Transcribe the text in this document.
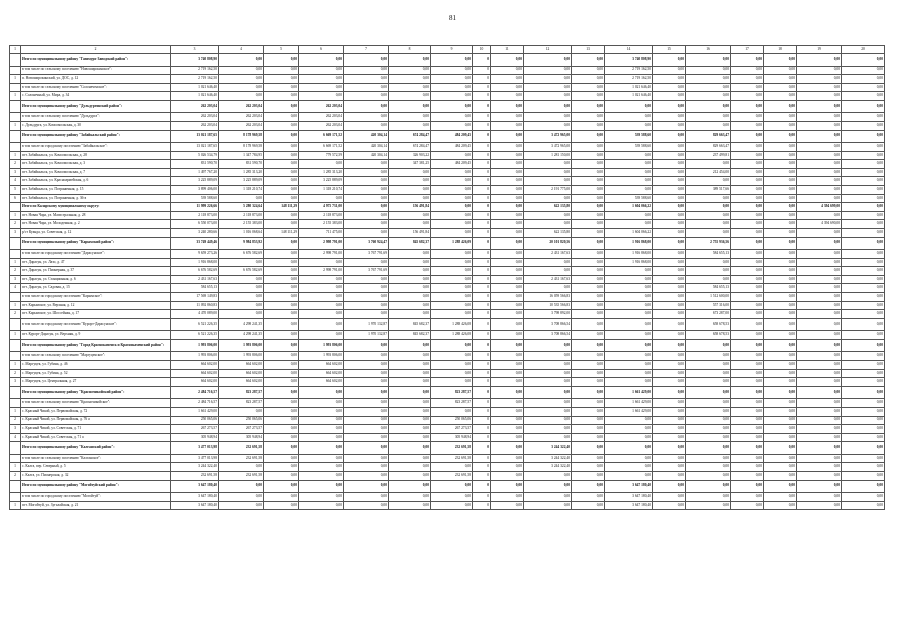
81
1	2	3	4	5	6	7	8	9	10	11	12	13	14	15	16	17	18	19	20
	Итого по муниципальному району "Газимуро-Заводский район":	3 740 808,90	0,00	0,00	0,00	0,00	0,00	0,00	0	0,00	0,00	0,00	3 740 808,90	0,00	0,00	0,00	0,00	0,00	0,00
	в том числе по сельскому поселению "Новоширокинское":	2 719 162,50	0,00	0,00	0,00	0,00	0,00	0,00	0	0,00	0,00	0,00	2 719 162,50	0,00	0,00	0,00	0,00	0,00	0,00
1	п. Новоширокинский, ул. ДОС, д. 12	2 719 162,50	0,00	0,00	0,00	0,00	0,00	0,00	0	0,00	0,00	0,00	2 719 162,50	0,00	0,00	0,00	0,00	0,00	0,00
	в том числе по сельскому поселению "Солонеченское":	1 021 646,40	0,00	0,00	0,00	0,00	0,00	0,00	0	0,00	0,00	0,00	1 021 646,40	0,00	0,00	0,00	0,00	0,00	0,00
1	с. Солонечный, ул. Мира, д. 34	1 021 646,40	0,00	0,00	0,00	0,00	0,00	0,00	0	0,00	0,00	0,00	1 021 646,40	0,00	0,00	0,00	0,00	0,00	0,00
	Итого по муниципальному району "Дульдургинский район":	262 203,04	262 203,04	0,00	262 203,04	0,00	0,00	0,00	0	0,00	0,00	0,00	0,00	0,00	0,00	0,00	0,00	0,00	0,00
	в том числе по сельскому поселению "Дульдурга":	262 203,04	262 203,04	0,00	262 203,04	0,00	0,00	0,00	0	0,00	0,00	0,00	0,00	0,00	0,00	0,00	0,00	0,00	0,00
1	с. Дульдурга, ул. Комсомольская, д. 30	262 203,04	262 203,04	0,00	262 203,04	0,00	0,00	0,00	0	0,00	0,00	0,00	0,00	0,00	0,00	0,00	0,00	0,00	0,00
	Итого по муниципальному району "Забайкальский район":	13 021 187,65	8 178 969,58	0,00	6 669 171,52	420 304,14	674 284,47	484 209,45	0	0,00	3 472 965,00	0,00	539 588,60	0,00	829 663,47	0,00	0,00	0,00	0,00
	в том числе по городскому поселению "Забайкальское":	13 021 187,65	8 178 969,58	0,00	6 669 171,52	420 304,14	674 284,47	484 209,45	0	0,00	3 472 965,00	0,00	539 588,60	0,00	829 663,47	0,00	0,00	0,00	0,00
1	пгт. Забайкальск, ул. Комсомольская, д. 28	5 026 534,79	1 347 784,95	0,00	779 572,59	420 304,14	326 903,22	0,00	0	0,00	1 281 150,00	0,00	0,00	0,00	237 499,81	0,00	0,00	0,00	0,00
2	пгт. Забайкальск, ул. Комсомольская, д. 3	831 590,70	831 590,70	0,00	0,00	0,00	347 381,25	484 209,45	0	0,00	0,00	0,00	0,00	0,00	0,00	0,00	0,00	0,00	0,00
3	пгт. Забайкальск, ул. Комсомольская, д. 7	1 497 767,20	1 285 313,20	0,00	1 285 313,20	0,00	0,00	0,00	0	0,00	0,00	0,00	0,00	0,00	212 454,00	0,00	0,00	0,00	0,00
4	пгт. Забайкальск, ул. Красноармейская, д. 6	3 225 889,09	3 225 889,09	0,00	3 225 889,09	0,00	0,00	0,00	0	0,00	0,00	0,00	0,00	0,00	0,00	0,00	0,00	0,00	0,00
5	пгт. Забайкальск, ул. Пограничная, д. 15	3 899 406,00	1 318 210,74	0,00	1 318 210,74	0,00	0,00	0,00	0	0,00	2 191 775,00	0,00	0,00	0,00	389 517,66	0,00	0,00	0,00	0,00
6	пгт. Забайкальск, ул. Пограничная, д. 36-а	539 588,60	0,00	0,00	0,00	0,00	0,00	0,00	0	0,00	0,00	0,00	539 588,60	0,00	0,00	0,00	0,00	0,00	0,00
	Итого по Каларскому муниципальному округу:	11 999 226,66	5 280 324,64	148 111,29	4 975 731,00	0,00	156 491,84	0,00	0	0,00	622 135,80	0,00	1 604 066,22	0,00	0,00	0,00	0,00	4 394 699,00	0,00
1	пгт. Новая Чара, ул. Магистральная, д. 28	2 118 873,00	2 118 873,00	0,00	2 118 873,00	0,00	0,00	0,00	0	0,00	0,00	0,00	0,00	0,00	0,00	0,00	0,00	0,00	0,00
2	пгт. Новая Чара, ул. Молодежная, д. 2	6 550 073,00	2 155 383,00	0,00	2 155 383,00	0,00	0,00	0,00	0	0,00	0,00	0,00	0,00	0,00	0,00	0,00	0,00	4 394 690,00	0,00
3	р/ст Куанда, ул. Советская, д. 12	3 240 280,66	1 016 068,64	148 111,29	711 475,00	0,00	156 491,84	0,00	0	0,00	622 135,80	0,00	1 604 066,22	0,00	0,00	0,00	0,00	0,00	0,00
	Итого по муниципальному району "Карымский район":	33 749 449,46	9 984 853,92	0,00	2 998 791,00	3 760 924,47	845 682,37	1 288 426,09	0	0,00	20 101 820,56	0,00	1 916 868,00	0,00	2 755 936,56	0,00	0,00	0,00	0,00
	в том числе по городскому поселению "Дарасунское":	9 659 273,26	6 676 582,69	0,00	2 998 791,00	3 767 791,69	0,00	0,00	0	0,00	2 431 167,63	0,00	1 916 868,00	0,00	584 655,13	0,00	0,00	0,00	0,00
1	пгт. Дарасун, ул. Лазо, д. 47	1 916 868,00	0,00	0,00	0,00	0,00	0,00	0,00	0	0,00	0,00	0,00	1 916 868,00	0,00	0,00	0,00	0,00	0,00	0,00
2	пгт. Дарасун, ул. Пионерная, д. 37	6 676 582,69	6 676 582,69	0,00	2 998 791,00	3 767 791,69	0,00	0,00	0	0,00	0,00	0,00	0,00	0,00	0,00	0,00	0,00	0,00	0,00
3	пгт. Дарасун, ул. Станционная, д. 6	2 431 167,63	0,00	0,00	0,00	0,00	0,00	0,00	0	0,00	2 431 167,63	0,00	0,00	0,00	0,00	0,00	0,00	0,00	0,00
4	пгт. Дарасун, ул. Садовая, д. 15	584 655,13	0,00	0,00	0,00	0,00	0,00	0,00	0	0,00	0,00	0,00	0,00	0,00	584 655,13	0,00	0,00	0,00	0,00
	в том числе по городскому поселению "Карымское":	17 569 149,83	0,00	0,00	0,00	0,00	0,00	0,00	0	0,00	16 059 566,83	0,00	0,00	0,00	1 512 600,00	0,00	0,00	0,00	0,00
1	пгт. Карымское, ул. Верхняя, д. 12	11 092 860,83	0,00	0,00	0,00	0,00	0,00	0,00	0	0,00	10 535 566,83	0,00	0,00	0,00	557 316,00	0,00	0,00	0,00	0,00
2	пгт. Карымское, ул. Шоссейная, д. 17	4 470 089,00	0,00	0,00	0,00	0,00	0,00	0,00	0	0,00	3 798 892,00	0,00	0,00	0,00	673 287,00	0,00	0,00	0,00	0,00
	в том числе по городскому поселению "Курорт-Дарасунское":	6 521 226,35	4 298 241,35	0,00	0,00	1 970 132,87	845 682,37	1 288 426,08	0	0,00	3 708 866,54	0,00	0,00	0,00	658 678,53	0,00	0,00	0,00	0,00
1	пгт. Курорт-Дарасун, ул. Верхняя, д. 9	6 521 226,35	4 298 241,35	0,00	0,00	1 970 132,87	845 682,37	1 288 426,08	0	0,00	3 708 866,54	0,00	0,00	0,00	658 678,53	0,00	0,00	0,00	0,00
	Итого по муниципальному району "Город Краснокаменск и Краснокаменский район":	1 993 806,00	1 993 806,00	0,00	1 993 806,00	0,00	0,00	0,00	0	0,00	0,00	0,00	0,00	0,00	0,00	0,00	0,00	0,00	0,00
	в том числе по сельскому поселению "Маргуцекское":	1 993 806,00	1 993 806,00	0,00	1 993 806,00	0,00	0,00	0,00	0	0,00	0,00	0,00	0,00	0,00	0,00	0,00	0,00	0,00	0,00
1	с. Маргуцек, ул. Губина, д. 46	664 602,00	664 602,00	0,00	664 602,00	0,00	0,00	0,00	0	0,00	0,00	0,00	0,00	0,00	0,00	0,00	0,00	0,00	0,00
2	с. Маргуцек, ул. Губина, д. 52	664 602,00	664 602,00	0,00	664 602,00	0,00	0,00	0,00	0	0,00	0,00	0,00	0,00	0,00	0,00	0,00	0,00	0,00	0,00
3	с. Маргуцек, ул. Центральная, д. 27	664 602,00	664 602,00	0,00	664 602,00	0,00	0,00	0,00	0	0,00	0,00	0,00	0,00	0,00	0,00	0,00	0,00	0,00	0,00
	Итого по муниципальному району "Красночикойский район":	2 484 716,57	823 287,57	0,00	0,00	0,00	0,00	823 287,57	0	0,00	0,00	0,00	1 661 429,00	0,00	0,00	0,00	0,00	0,00	0,00
	в том числе по сельскому поселению "Красночикойское":	2 484 716,57	823 287,57	0,00	0,00	0,00	0,00	823 287,57	0	0,00	0,00	0,00	1 661 429,00	0,00	0,00	0,00	0,00	0,00	0,00
1	с. Красный Чикой, ул. Первомайская, д. 72	1 661 429,00	0,00	0,00	0,00	0,00	0,00	0,00	0	0,00	0,00	0,00	1 661 429,00	0,00	0,00	0,00	0,00	0,00	0,00
2	с. Красный Чикой, ул. Первомайская, д. 76 а	250 065,06	250 065,06	0,00	0,00	0,00	0,00	250 065,06	0	0,00	0,00	0,00	0,00	0,00	0,00	0,00	0,00	0,00	0,00
3	с. Красный Чикой, ул. Советская, д. 71	267 273,57	267 273,57	0,00	0,00	0,00	0,00	267 273,57	0	0,00	0,00	0,00	0,00	0,00	0,00	0,00	0,00	0,00	0,00
4	с. Красный Чикой, ул. Советская, д. 71 а	305 948,94	305 948,94	0,00	0,00	0,00	0,00	305 948,94	0	0,00	0,00	0,00	0,00	0,00	0,00	0,00	0,00	0,00	0,00
	Итого по муниципальному району "Калганский район":	3 477 013,98	232 691,58	0,00	0,00	0,00	0,00	232 691,58	0	0,00	3 244 322,40	0,00	0,00	0,00	0,00	0,00	0,00	0,00	0,00
	в том числе по сельскому поселению "Калганское":	3 477 013,98	232 691,58	0,00	0,00	0,00	0,00	232 691,58	0	0,00	3 244 322,40	0,00	0,00	0,00	0,00	0,00	0,00	0,00	0,00
1	с. Калга, пер. Северный, д. 5	3 244 322,40	0,00	0,00	0,00	0,00	0,00	0,00	0	0,00	3 244 322,40	0,00	0,00	0,00	0,00	0,00	0,00	0,00	0,00
2	с. Калга, ул. Пионерская, д. 32	232 691,58	232 691,58	0,00	0,00	0,00	0,00	232 691,58	0	0,00	0,00	0,00	0,00	0,00	0,00	0,00	0,00	0,00	0,00
	Итого по муниципальному району "Могойтуйский район":	3 647 180,40	0,00	0,00	0,00	0,00	0,00	0,00	0	0,00	0,00	0,00	3 647 180,40	0,00	0,00	0,00	0,00	0,00	0,00
	в том числе по городскому поселению "Могойтуй":	3 647 180,40	0,00	0,00	0,00	0,00	0,00	0,00	0	0,00	0,00	0,00	3 647 180,40	0,00	0,00	0,00	0,00	0,00	0,00
1	пгт. Могойтуй, ул. Зугалайская, д. 21	3 647 180,40	0,00	0,00	0,00	0,00	0,00	0,00	0	0,00	0,00	0,00	3 647 180,40	0,00	0,00	0,00	0,00	0,00	0,00
